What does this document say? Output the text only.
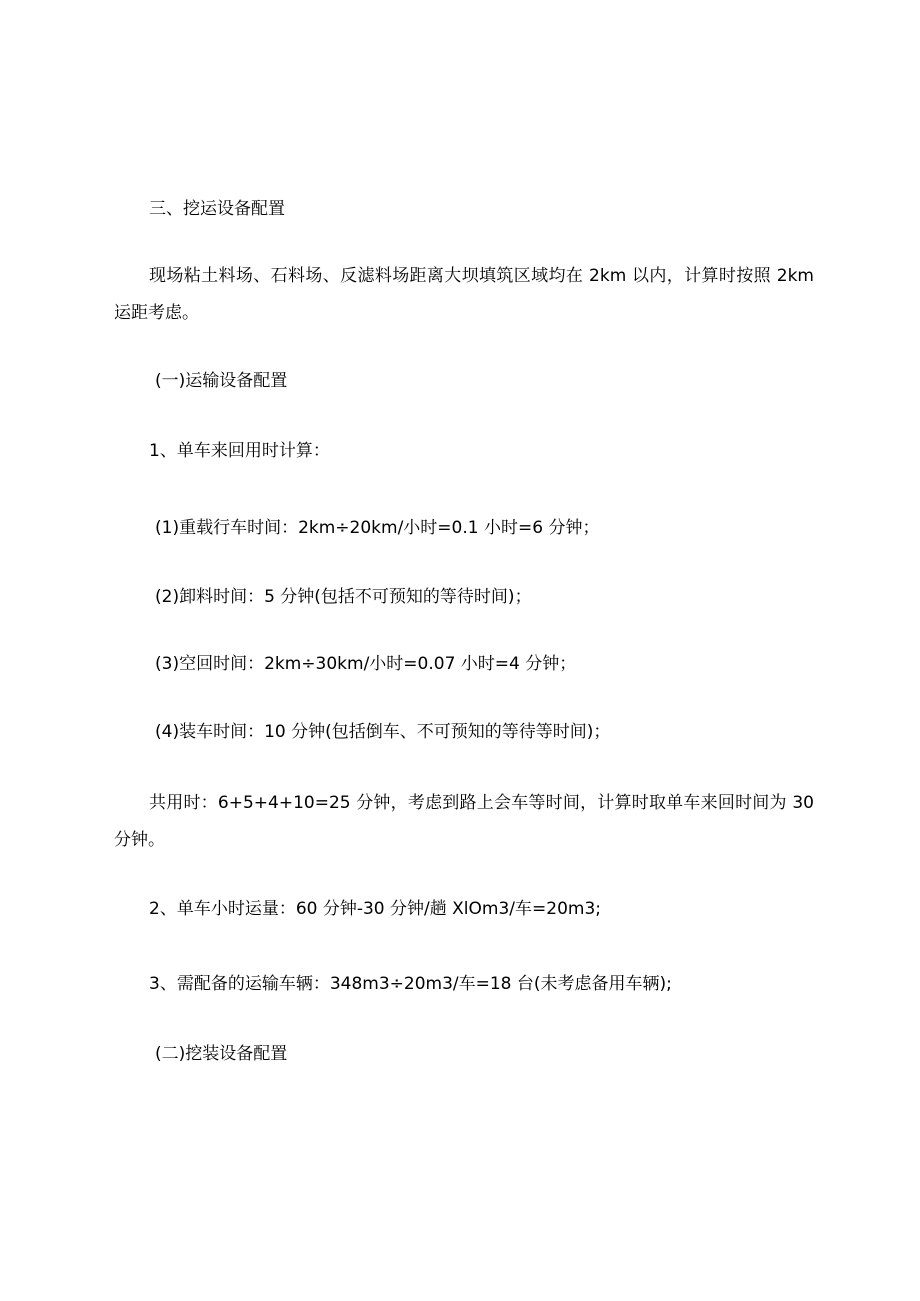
三、挖运设备配置
现场粘土料场、石料场、反滤料场距离大坝填筑区域均在 2km 以内，计算时按照 2km 运距考虑。
(一)运输设备配置
1、单车来回用时计算：
(1)重载行车时间：2km÷20km/小时=0.1 小时=6 分钟；
(2)卸料时间：5 分钟(包括不可预知的等待时间)；
(3)空回时间：2km÷30km/小时=0.07 小时=4 分钟；
(4)装车时间：10 分钟(包括倒车、不可预知的等待等时间)；
共用时：6+5+4+10=25 分钟，考虑到路上会车等时间，计算时取单车来回时间为 30 分钟。
2、单车小时运量：60 分钟-30 分钟/趟 XlOm3/车=20m3;
3、需配备的运输车辆：348m3÷20m3/车=18 台(未考虑备用车辆);
(二)挖装设备配置
